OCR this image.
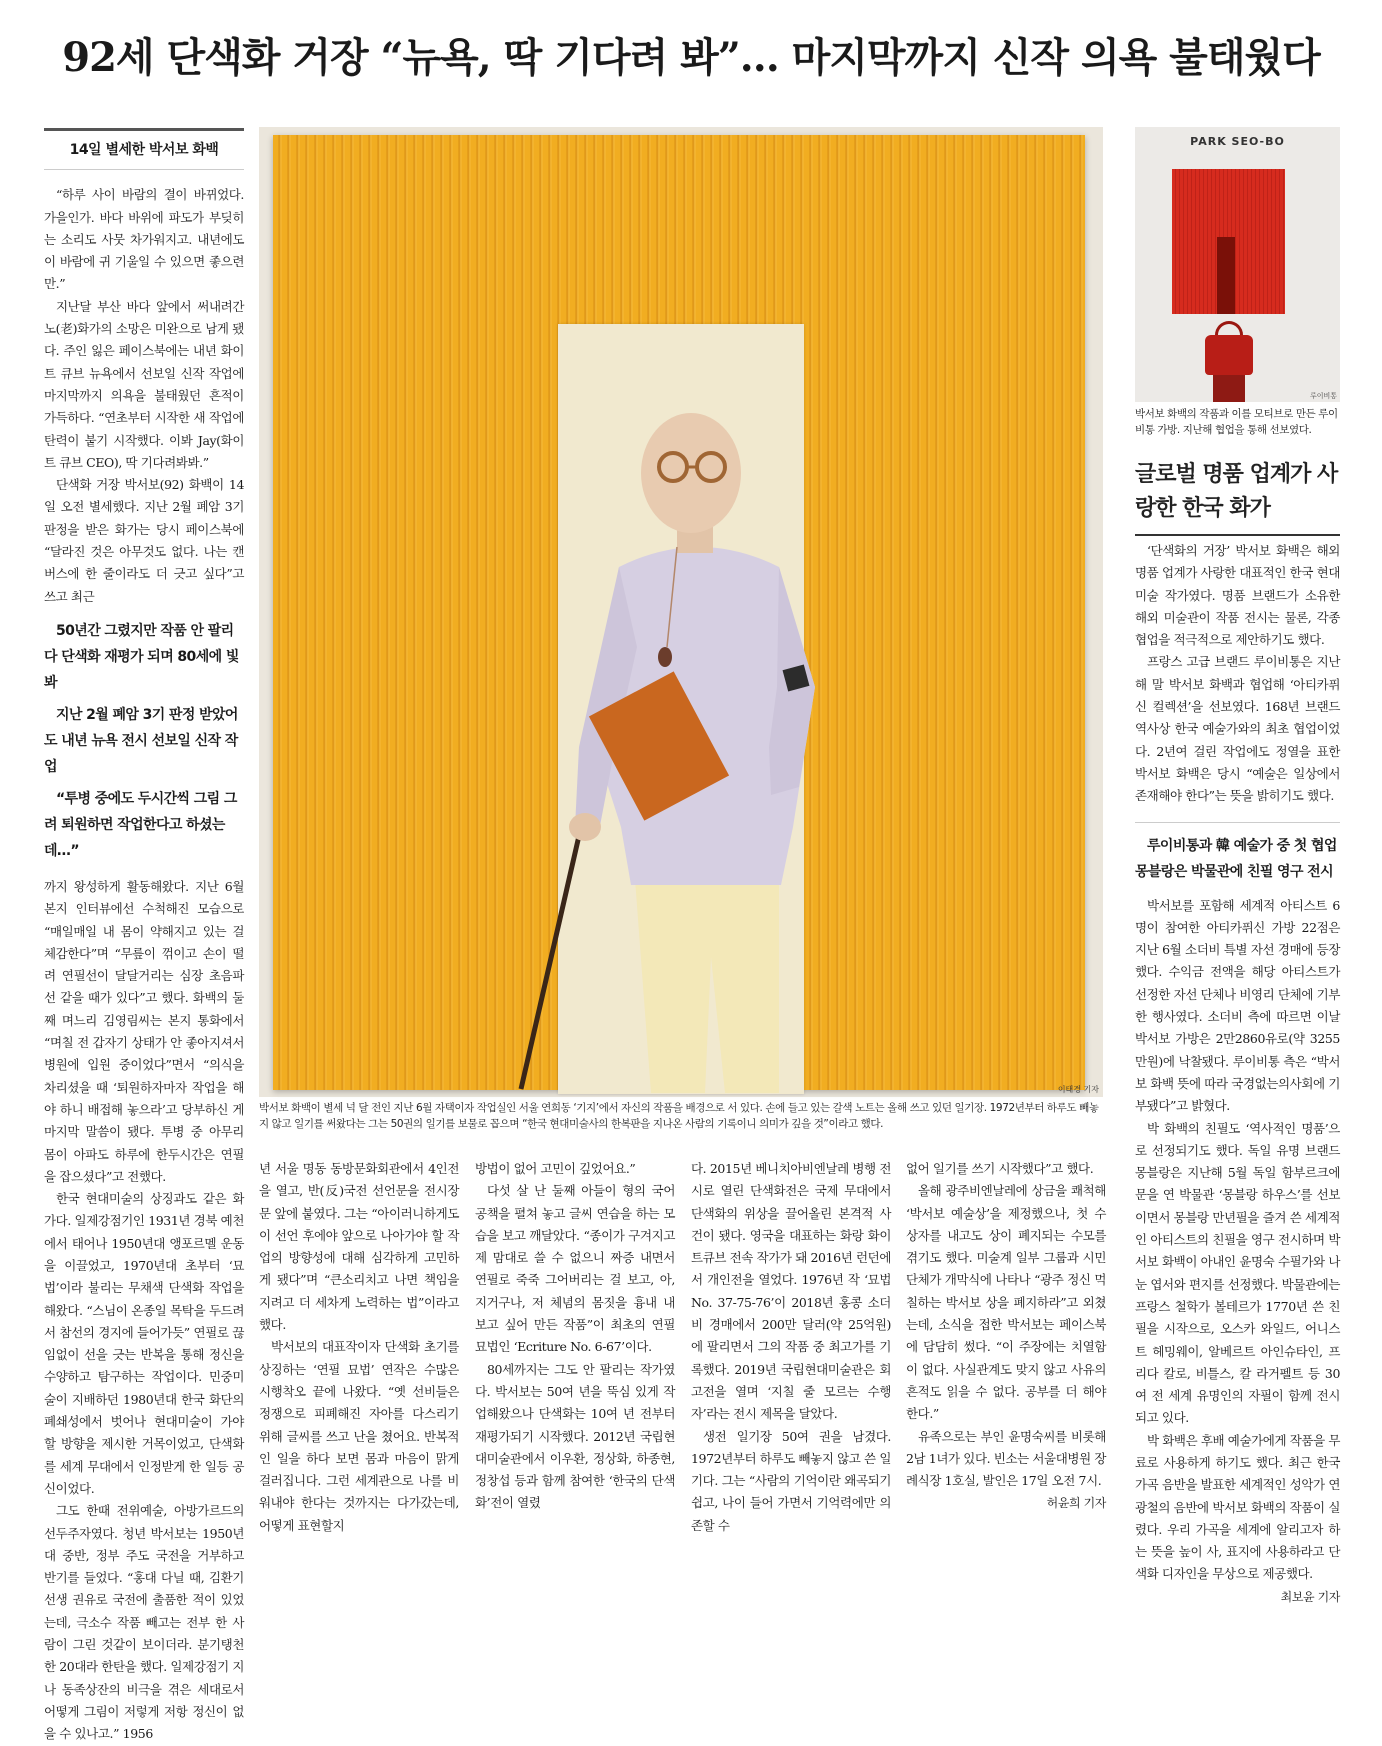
92세 단색화 거장 “뉴욕, 딱 기다려 봐”… 마지막까지 신작 의욕 불태웠다
14일 별세한 박서보 화백

“하루 사이 바람의 결이 바뀌었다. 가을인가. 바다 바위에 파도가 부딪히는 소리도 사뭇 차가워지고. 내년에도 이 바람에 귀 기울일 수 있으면 좋으련만.”

지난달 부산 바다 앞에서 써내려간 노(老)화가의 소망은 미완으로 남게 됐다. 주인 잃은 페이스북에는 내년 화이트 큐브 뉴욕에서 선보일 신작 작업에 마지막까지 의욕을 불태웠던 흔적이 가득하다. “연초부터 시작한 새 작업에 탄력이 붙기 시작했다. 이봐 Jay(화이트 큐브 CEO), 딱 기다려봐봐.”

단색화 거장 박서보(92) 화백이 14일 오전 별세했다. 지난 2월 폐암 3기 판정을 받은 화가는 당시 페이스북에 “달라진 것은 아무것도 없다. 나는 캔버스에 한 줄이라도 더 긋고 싶다”고 쓰고 최근

50년간 그렸지만 작품 안 팔리다 단색화 재평가 되며 80세에 빛 봐

지난 2월 폐암 3기 판정 받았어도 내년 뉴욕 전시 선보일 신작 작업

“투병 중에도 두시간씩 그림 그려 퇴원하면 작업한다고 하셨는데…”

까지 왕성하게 활동해왔다. 지난 6월 본지 인터뷰에선 수척해진 모습으로 “매일매일 내 몸이 약해지고 있는 걸 체감한다”며 “무릎이 꺾이고 손이 떨려 연필선이 달달거리는 심장 초음파 선 같을 때가 있다”고 했다. 화백의 둘째 며느리 김영림씨는 본지 통화에서 “며칠 전 갑자기 상태가 안 좋아지셔서 병원에 입원 중이었다”면서 “의식을 차리셨을 때 ‘퇴원하자마자 작업을 해야 하니 배접해 놓으라’고 당부하신 게 마지막 말씀이 됐다. 투병 중 아무리 몸이 아파도 하루에 한두시간은 연필을 잡으셨다”고 전했다.

한국 현대미술의 상징과도 같은 화가다. 일제강점기인 1931년 경북 예천에서 태어나 1950년대 앵포르멜 운동을 이끌었고, 1970년대 초부터 ‘묘법’이라 불리는 무채색 단색화 작업을 해왔다. “스님이 온종일 목탁을 두드려서 참선의 경지에 들어가듯” 연필로 끊임없이 선을 긋는 반복을 통해 정신을 수양하고 탐구하는 작업이다. 민중미술이 지배하던 1980년대 한국 화단의 폐쇄성에서 벗어나 현대미술이 가야 할 방향을 제시한 거목이었고, 단색화를 세계 무대에서 인정받게 한 일등 공신이었다.

그도 한때 전위예술, 아방가르드의 선두주자였다. 청년 박서보는 1950년대 중반, 정부 주도 국전을 거부하고 반기를 들었다. “홍대 다닐 때, 김환기 선생 권유로 국전에 출품한 적이 있었는데, 극소수 작품 빼고는 전부 한 사람이 그린 것같이 보이더라. 분기탱천한 20대라 한탄을 했다. 일제강점기 지나 동족상잔의 비극을 겪은 세대로서 어떻게 그림이 저렇게 저항 정신이 없을 수 있나고.” 1956

이태경 기자
박서보 화백이 별세 넉 달 전인 지난 6월 자택이자 작업실인 서울 연희동 ‘기지’에서 자신의 작품을 배경으로 서 있다. 손에 들고 있는 갈색 노트는 올해 쓰고 있던 일기장. 1972년부터 하루도 빼놓지 않고 일기를 써왔다는 그는 50권의 일기를 보물로 꼽으며 “한국 현대미술사의 한복판을 지나온 사람의 기록이니 의미가 깊을 것”이라고 했다.

년 서울 명동 동방문화회관에서 4인전을 열고, 반(反)국전 선언문을 전시장 문 앞에 붙였다. 그는 “아이러니하게도 이 선언 후에야 앞으로 나아가야 할 작업의 방향성에 대해 심각하게 고민하게 됐다”며 “큰소리치고 나면 책임을 지려고 더 세차게 노력하는 법”이라고 했다.

박서보의 대표작이자 단색화 초기를 상징하는 ‘연필 묘법’ 연작은 수많은 시행착오 끝에 나왔다. “옛 선비들은 정쟁으로 피폐해진 자아를 다스리기 위해 글씨를 쓰고 난을 쳤어요. 반복적인 일을 하다 보면 몸과 마음이 맑게 걸러집니다. 그런 세계관으로 나를 비워내야 한다는 것까지는 다가갔는데, 어떻게 표현할지

방법이 없어 고민이 깊었어요.”

다섯 살 난 둘째 아들이 형의 국어 공책을 펼쳐 놓고 글씨 연습을 하는 모습을 보고 깨달았다. “종이가 구겨지고 제 맘대로 쓸 수 없으니 짜증 내면서 연필로 죽죽 그어버리는 걸 보고, 아, 지거구나, 저 체념의 몸짓을 흉내 내 보고 싶어 만든 작품”이 최초의 연필 묘법인 ‘Ecriture No. 6-67’이다.

80세까지는 그도 안 팔리는 작가였다. 박서보는 50여 년을 뚝심 있게 작업해왔으나 단색화는 10여 년 전부터 재평가되기 시작했다. 2012년 국립현대미술관에서 이우환, 정상화, 하종현, 정창섭 등과 함께 참여한 ‘한국의 단색화’전이 열렸

다. 2015년 베니치아비엔날레 병행 전시로 열린 단색화전은 국제 무대에서 단색화의 위상을 끌어올린 본격적 사건이 됐다. 영국을 대표하는 화랑 화이트큐브 전속 작가가 돼 2016년 런던에서 개인전을 열었다. 1976년 작 ‘묘법 No. 37-75-76’이 2018년 홍콩 소더비 경매에서 200만 달러(약 25억원)에 팔리면서 그의 작품 중 최고가를 기록했다. 2019년 국립현대미술관은 회고전을 열며 ‘지칠 줄 모르는 수행자’라는 전시 제목을 달았다.

생전 일기장 50여 권을 남겼다. 1972년부터 하루도 빼놓지 않고 쓴 일기다. 그는 “사람의 기억이란 왜곡되기 쉽고, 나이 들어 가면서 기억력에만 의존할 수

없어 일기를 쓰기 시작했다”고 했다.

올해 광주비엔날레에 상금을 쾌척해 ‘박서보 예술상’을 제정했으나, 첫 수상자를 내고도 상이 폐지되는 수모를 겪기도 했다. 미술계 일부 그룹과 시민 단체가 개막식에 나타나 “광주 정신 먹칠하는 박서보 상을 폐지하라”고 외쳤는데, 소식을 접한 박서보는 페이스북에 담담히 썼다. “이 주장에는 치열함이 없다. 사실관계도 맞지 않고 사유의 흔적도 읽을 수 없다. 공부를 더 해야 한다.”

유족으로는 부인 윤명숙씨를 비롯해 2남 1녀가 있다. 빈소는 서울대병원 장례식장 1호실, 발인은 17일 오전 7시.

허윤희 기자
PARK SEO-BO
루이비통
박서보 화백의 작품과 이를 모티브로 만든 루이비통 가방. 지난해 협업을 통해 선보였다.
글로벌 명품 업계가 사랑한 한국 화가

‘단색화의 거장’ 박서보 화백은 해외 명품 업계가 사랑한 대표적인 한국 현대 미술 작가였다. 명품 브랜드가 소유한 해외 미술관이 작품 전시는 물론, 각종 협업을 적극적으로 제안하기도 했다.

프랑스 고급 브랜드 루이비통은 지난해 말 박서보 화백과 협업해 ‘아티카퓌신 컬렉션’을 선보였다. 168년 브랜드 역사상 한국 예술가와의 최초 협업이었다. 2년여 걸린 작업에도 정열을 표한 박서보 화백은 당시 “예술은 일상에서 존재해야 한다”는 뜻을 밝히기도 했다.

루이비통과 韓 예술가 중 첫 협업 몽블랑은 박물관에 친필 영구 전시

박서보를 포함해 세계적 아티스트 6명이 참여한 아티카퓌신 가방 22점은 지난 6월 소더비 특별 자선 경매에 등장했다. 수익금 전액을 해당 아티스트가 선정한 자선 단체나 비영리 단체에 기부한 행사였다. 소더비 측에 따르면 이날 박서보 가방은 2만2860유로(약 3255만원)에 낙찰됐다. 루이비통 측은 “박서보 화백 뜻에 따라 국경없는의사회에 기부됐다”고 밝혔다.

박 화백의 친필도 ‘역사적인 명품’으로 선정되기도 했다. 독일 유명 브랜드 몽블랑은 지난해 5월 독일 함부르크에 문을 연 박물관 ‘몽블랑 하우스’를 선보이면서 몽블랑 만년필을 즐겨 쓴 세계적인 아티스트의 친필을 영구 전시하며 박서보 화백이 아내인 윤명숙 수필가와 나눈 엽서와 편지를 선정했다. 박물관에는 프랑스 철학가 볼테르가 1770년 쓴 친필을 시작으로, 오스카 와일드, 어니스트 헤밍웨이, 알베르트 아인슈타인, 프리다 칼로, 비틀스, 칼 라거펠트 등 30여 전 세계 유명인의 자필이 함께 전시되고 있다.

박 화백은 후배 예술가에게 작품을 무료로 사용하게 하기도 했다. 최근 한국 가곡 음반을 발표한 세계적인 성악가 연광철의 음반에 박서보 화백의 작품이 실렸다. 우리 가곡을 세계에 알리고자 하는 뜻을 높이 사, 표지에 사용하라고 단색화 디자인을 무상으로 제공했다.

최보윤 기자
